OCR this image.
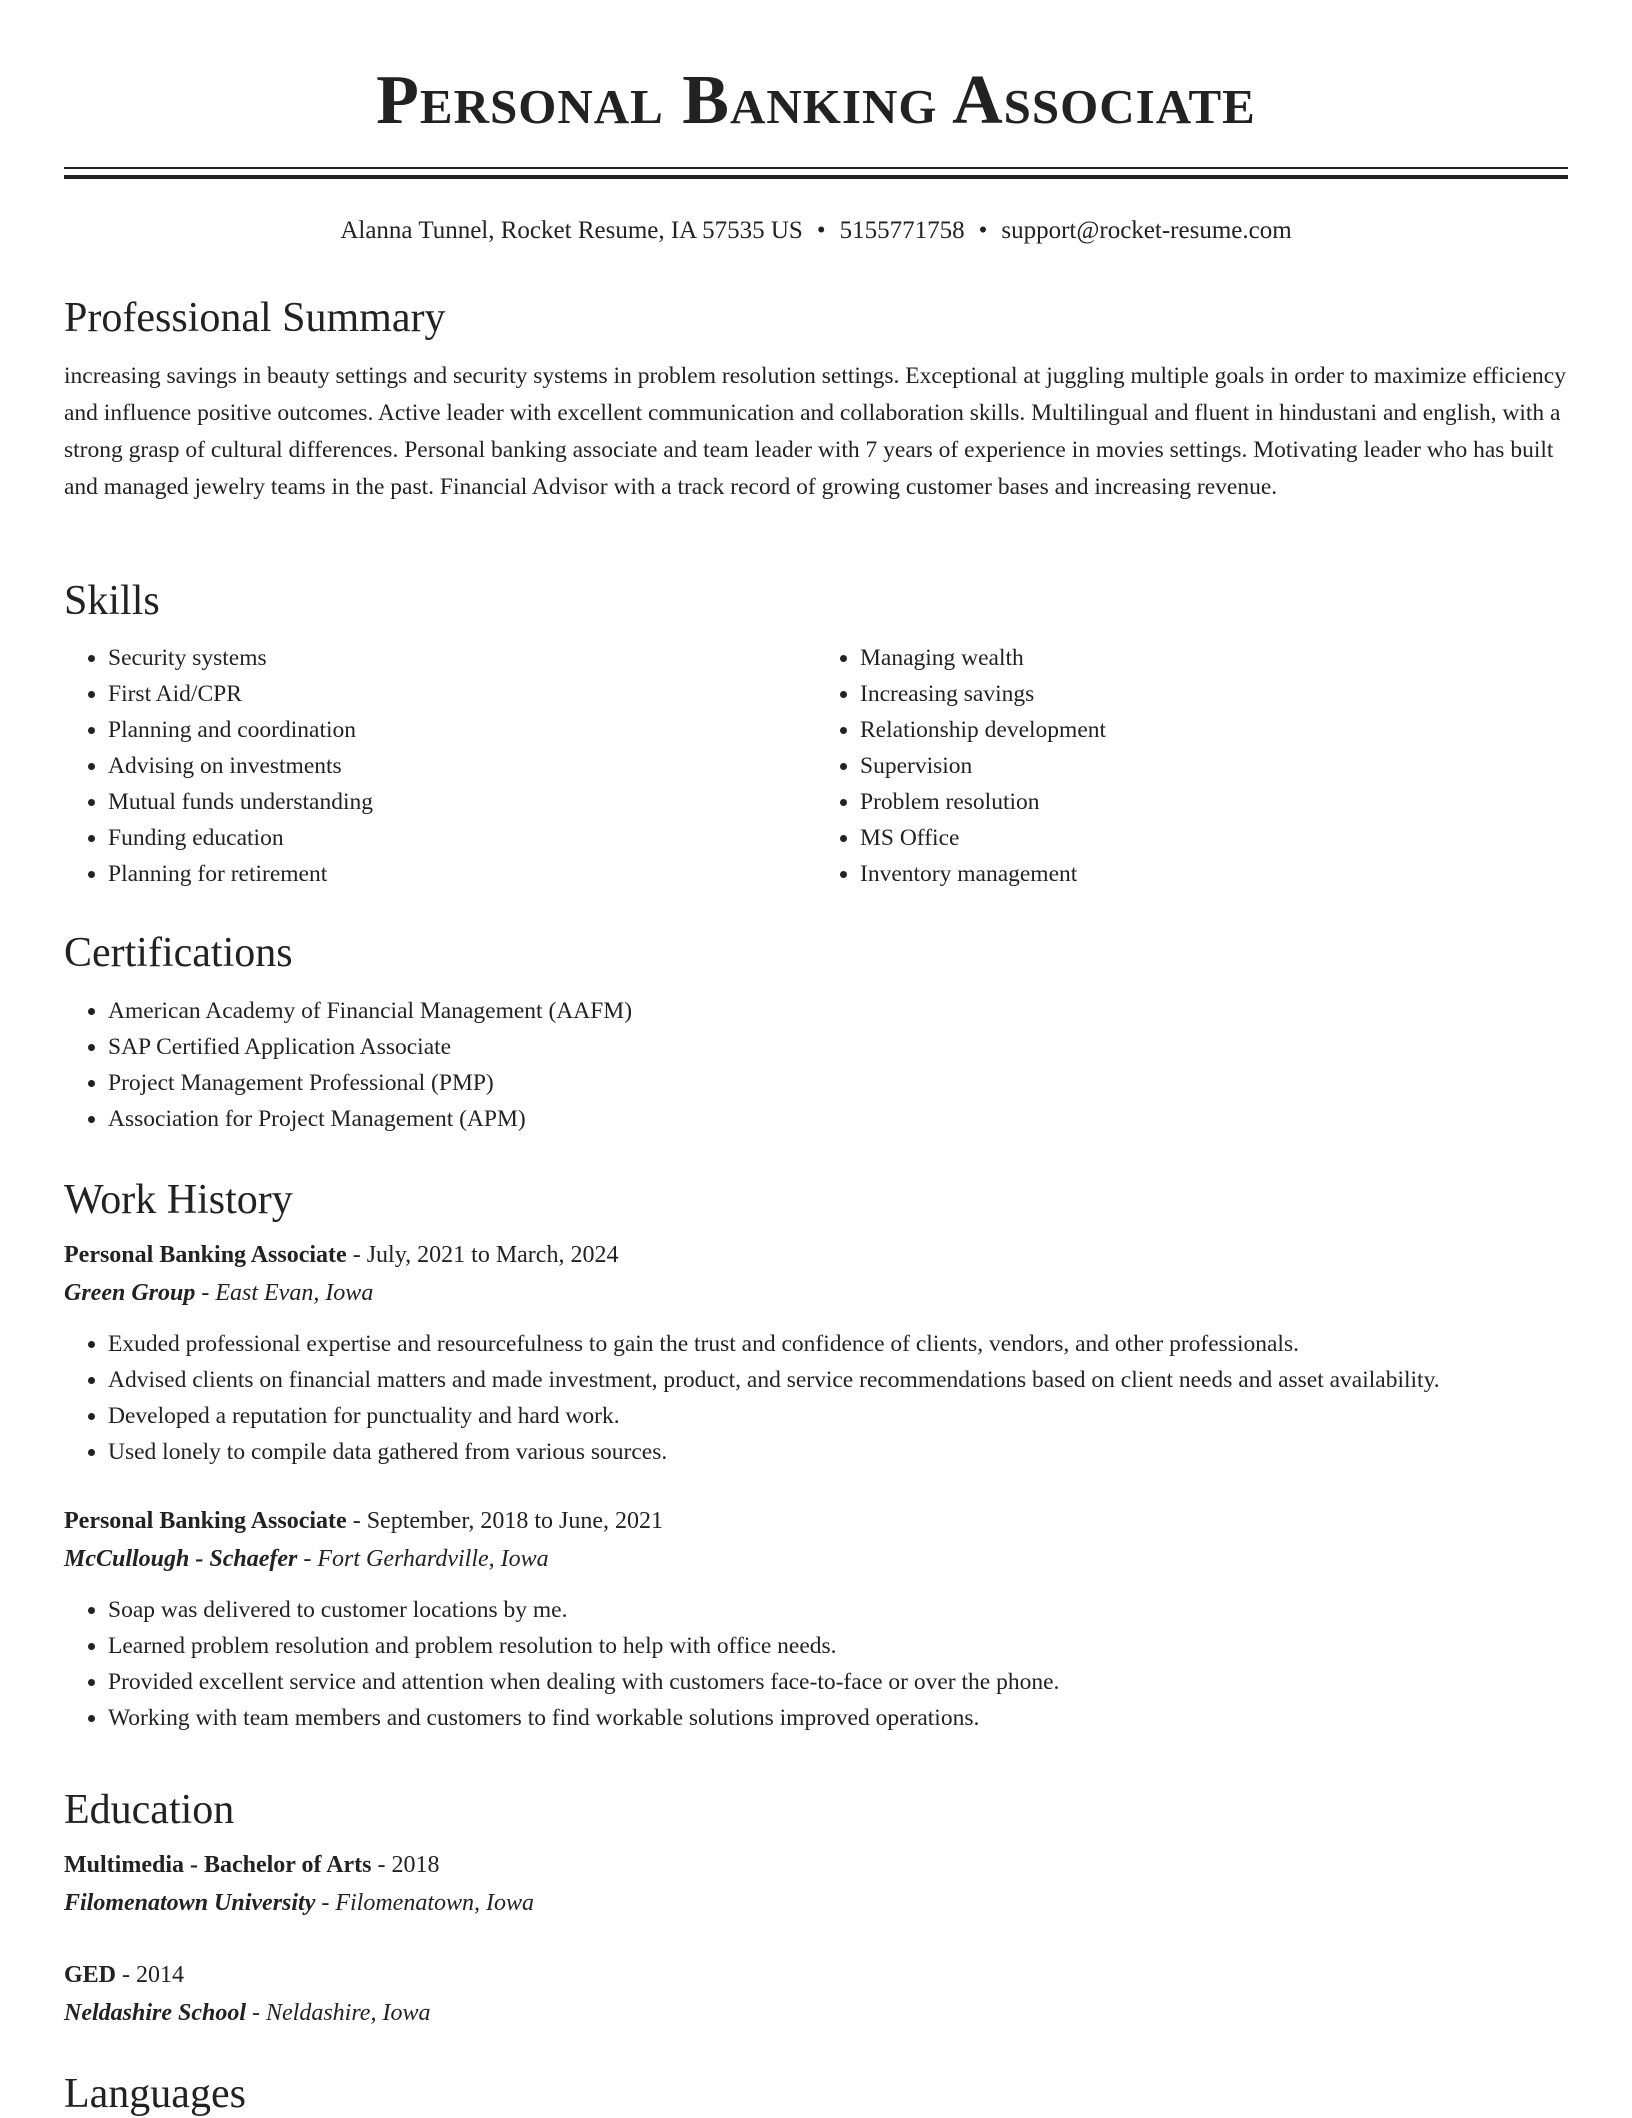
Personal Banking Associate
Alanna Tunnel, Rocket Resume, IA 57535 US • 5155771758 • support@rocket-resume.com
Professional Summary

increasing savings in beauty settings and security systems in problem resolution settings. Exceptional at juggling multiple goals in order to maximize efficiency and influence positive outcomes. Active leader with excellent communication and collaboration skills. Multilingual and fluent in hindustani and english, with a strong grasp of cultural differences. Personal banking associate and team leader with 7 years of experience in movies settings. Motivating leader who has built and managed jewelry teams in the past. Financial Advisor with a track record of growing customer bases and increasing revenue.

Skills
• Security systems
• First Aid/CPR
• Planning and coordination
• Advising on investments
• Mutual funds understanding
• Funding education
• Planning for retirement
• Managing wealth
• Increasing savings
• Relationship development
• Supervision
• Problem resolution
• MS Office
• Inventory management
Certifications
• American Academy of Financial Management (AAFM)
• SAP Certified Application Associate
• Project Management Professional (PMP)
• Association for Project Management (APM)
Work History
Personal Banking Associate - July, 2021 to March, 2024
Green Group - East Evan, Iowa
• Exuded professional expertise and resourcefulness to gain the trust and confidence of clients, vendors, and other professionals.
• Advised clients on financial matters and made investment, product, and service recommendations based on client needs and asset availability.
• Developed a reputation for punctuality and hard work.
• Used lonely to compile data gathered from various sources.
Personal Banking Associate - September, 2018 to June, 2021
McCullough - Schaefer - Fort Gerhardville, Iowa
• Soap was delivered to customer locations by me.
• Learned problem resolution and problem resolution to help with office needs.
• Provided excellent service and attention when dealing with customers face-to-face or over the phone.
• Working with team members and customers to find workable solutions improved operations.
Education
Multimedia - Bachelor of Arts - 2018
Filomenatown University - Filomenatown, Iowa
GED - 2014
Neldashire School - Neldashire, Iowa
Languages
